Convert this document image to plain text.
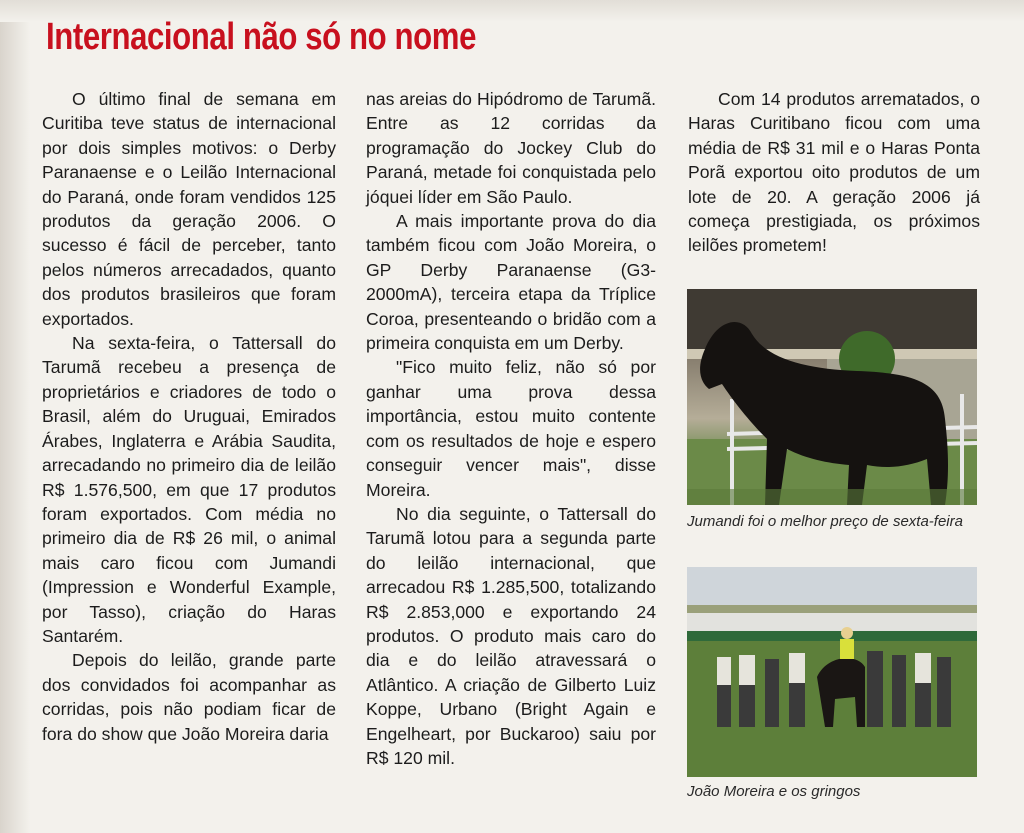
Internacional não só no nome

O último final de semana em Curitiba teve status de internacional por dois simples motivos: o Derby Paranaense e o Leilão Internacional do Paraná, onde foram vendidos 125 produtos da geração 2006. O sucesso é fácil de perceber, tanto pelos números arrecadados, quanto dos produtos brasileiros que foram exportados.

Na sexta-feira, o Tattersall do Tarumã recebeu a presença de proprietários e criadores de todo o Brasil, além do Uruguai, Emirados Árabes, Inglaterra e Arábia Saudita, arrecadando no primeiro dia de leilão R$ 1.576,500, em que 17 produtos foram exportados. Com média no primeiro dia de R$ 26 mil, o animal mais caro ficou com Jumandi (Impression e Wonderful Example, por Tasso), criação do Haras Santarém.

Depois do leilão, grande parte dos convidados foi acompanhar as corridas, pois não podiam ficar de fora do show que João Moreira daria

nas areias do Hipódromo de Tarumã. Entre as 12 corridas da programação do Jockey Club do Paraná, metade foi conquistada pelo jóquei líder em São Paulo.

A mais importante prova do dia também ficou com João Moreira, o GP Derby Paranaense (G3-2000mA), terceira etapa da Tríplice Coroa, presenteando o bridão com a primeira conquista em um Derby.

"Fico muito feliz, não só por ganhar uma prova dessa importância, estou muito contente com os resultados de hoje e espero conseguir vencer mais", disse Moreira.

No dia seguinte, o Tattersall do Tarumã lotou para a segunda parte do leilão internacional, que arrecadou R$ 1.285,500, totalizando R$ 2.853,000 e exportando 24 produtos. O produto mais caro do dia e do leilão atravessará o Atlântico. A criação de Gilberto Luiz Koppe, Urbano (Bright Again e Engelheart, por Buckaroo) saiu por R$ 120 mil.

Com 14 produtos arrematados, o Haras Curitibano ficou com uma média de R$ 31 mil e o Haras Ponta Porã exportou oito produtos de um lote de 20. A geração 2006 já começa prestigiada, os próximos leilões prometem!

Jumandi foi o melhor preço de sexta-feira
João Moreira e os gringos
